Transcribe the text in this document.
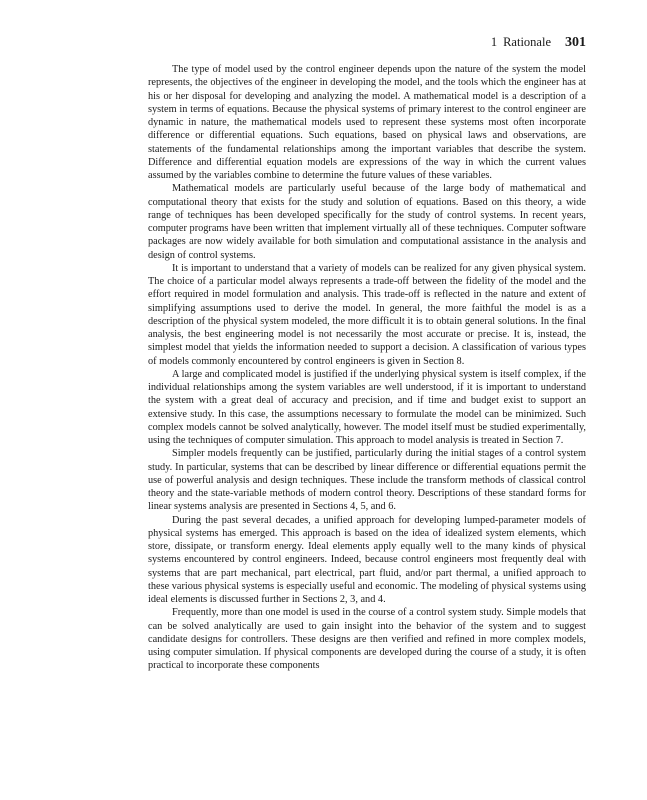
1 Rationale 301

The type of model used by the control engineer depends upon the nature of the system the model represents, the objectives of the engineer in developing the model, and the tools which the engineer has at his or her disposal for developing and analyzing the model. A mathematical model is a description of a system in terms of equations. Because the physical systems of primary interest to the control engineer are dynamic in nature, the mathematical models used to represent these systems most often incorporate difference or differential equations. Such equations, based on physical laws and observations, are statements of the fundamental relationships among the important variables that describe the system. Difference and differential equation models are expressions of the way in which the current values assumed by the variables combine to determine the future values of these variables.

Mathematical models are particularly useful because of the large body of mathematical and computational theory that exists for the study and solution of equations. Based on this theory, a wide range of techniques has been developed specifically for the study of control systems. In recent years, computer programs have been written that implement virtually all of these techniques. Computer software packages are now widely available for both simulation and computational assistance in the analysis and design of control systems.

It is important to understand that a variety of models can be realized for any given physical system. The choice of a particular model always represents a trade-off between the fidelity of the model and the effort required in model formulation and analysis. This trade-off is reflected in the nature and extent of simplifying assumptions used to derive the model. In general, the more faithful the model is as a description of the physical system modeled, the more difficult it is to obtain general solutions. In the final analysis, the best engineering model is not necessarily the most accurate or precise. It is, instead, the simplest model that yields the information needed to support a decision. A classification of various types of models commonly encountered by control engineers is given in Section 8.

A large and complicated model is justified if the underlying physical system is itself complex, if the individual relationships among the system variables are well understood, if it is important to understand the system with a great deal of accuracy and precision, and if time and budget exist to support an extensive study. In this case, the assumptions necessary to formulate the model can be minimized. Such complex models cannot be solved analytically, however. The model itself must be studied experimentally, using the techniques of computer simulation. This approach to model analysis is treated in Section 7.

Simpler models frequently can be justified, particularly during the initial stages of a control system study. In particular, systems that can be described by linear difference or differential equations permit the use of powerful analysis and design techniques. These include the transform methods of classical control theory and the state-variable methods of modern control theory. Descriptions of these standard forms for linear systems analysis are presented in Sections 4, 5, and 6.

During the past several decades, a unified approach for developing lumped-parameter models of physical systems has emerged. This approach is based on the idea of idealized system elements, which store, dissipate, or transform energy. Ideal elements apply equally well to the many kinds of physical systems encountered by control engineers. Indeed, because control engineers most frequently deal with systems that are part mechanical, part electrical, part fluid, and/or part thermal, a unified approach to these various physical systems is especially useful and economic. The modeling of physical systems using ideal elements is discussed further in Sections 2, 3, and 4.

Frequently, more than one model is used in the course of a control system study. Simple models that can be solved analytically are used to gain insight into the behavior of the system and to suggest candidate designs for controllers. These designs are then verified and refined in more complex models, using computer simulation. If physical components are developed during the course of a study, it is often practical to incorporate these components
